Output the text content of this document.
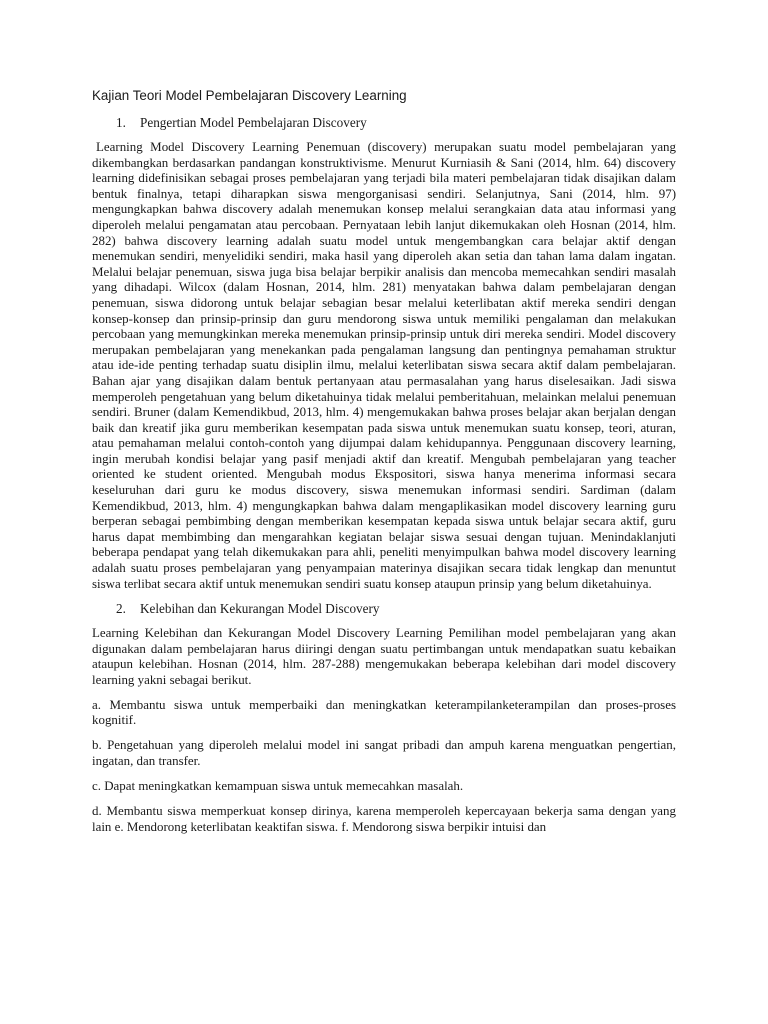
Kajian Teori Model Pembelajaran Discovery Learning
1.	Pengertian Model Pembelajaran Discovery

Learning Model Discovery Learning Penemuan (discovery) merupakan suatu model pembelajaran yang dikembangkan berdasarkan pandangan konstruktivisme. Menurut Kurniasih & Sani (2014, hlm. 64) discovery learning didefinisikan sebagai proses pembelajaran yang terjadi bila materi pembelajaran tidak disajikan dalam bentuk finalnya, tetapi diharapkan siswa mengorganisasi sendiri. Selanjutnya, Sani (2014, hlm. 97) mengungkapkan bahwa discovery adalah menemukan konsep melalui serangkaian data atau informasi yang diperoleh melalui pengamatan atau percobaan. Pernyataan lebih lanjut dikemukakan oleh Hosnan (2014, hlm. 282) bahwa discovery learning adalah suatu model untuk mengembangkan cara belajar aktif dengan menemukan sendiri, menyelidiki sendiri, maka hasil yang diperoleh akan setia dan tahan lama dalam ingatan. Melalui belajar penemuan, siswa juga bisa belajar berpikir analisis dan mencoba memecahkan sendiri masalah yang dihadapi. Wilcox (dalam Hosnan, 2014, hlm. 281) menyatakan bahwa dalam pembelajaran dengan penemuan, siswa didorong untuk belajar sebagian besar melalui keterlibatan aktif mereka sendiri dengan konsep-konsep dan prinsip-prinsip dan guru mendorong siswa untuk memiliki pengalaman dan melakukan percobaan yang memungkinkan mereka menemukan prinsip-prinsip untuk diri mereka sendiri. Model discovery merupakan pembelajaran yang menekankan pada pengalaman langsung dan pentingnya pemahaman struktur atau ide-ide penting terhadap suatu disiplin ilmu, melalui keterlibatan siswa secara aktif dalam pembelajaran. Bahan ajar yang disajikan dalam bentuk pertanyaan atau permasalahan yang harus diselesaikan. Jadi siswa memperoleh pengetahuan yang belum diketahuinya tidak melalui pemberitahuan, melainkan melalui penemuan sendiri. Bruner (dalam Kemendikbud, 2013, hlm. 4) mengemukakan bahwa proses belajar akan berjalan dengan baik dan kreatif jika guru memberikan kesempatan pada siswa untuk menemukan suatu konsep, teori, aturan, atau pemahaman melalui contoh-contoh yang dijumpai dalam kehidupannya. Penggunaan discovery learning, ingin merubah kondisi belajar yang pasif menjadi aktif dan kreatif. Mengubah pembelajaran yang teacher oriented ke student oriented. Mengubah modus Ekspositori, siswa hanya menerima informasi secara keseluruhan dari guru ke modus discovery, siswa menemukan informasi sendiri. Sardiman (dalam Kemendikbud, 2013, hlm. 4) mengungkapkan bahwa dalam mengaplikasikan model discovery learning guru berperan sebagai pembimbing dengan memberikan kesempatan kepada siswa untuk belajar secara aktif, guru harus dapat membimbing dan mengarahkan kegiatan belajar siswa sesuai dengan tujuan. Menindaklanjuti beberapa pendapat yang telah dikemukakan para ahli, peneliti menyimpulkan bahwa model discovery learning adalah suatu proses pembelajaran yang penyampaian materinya disajikan secara tidak lengkap dan menuntut siswa terlibat secara aktif untuk menemukan sendiri suatu konsep ataupun prinsip yang belum diketahuinya.

2.	Kelebihan dan Kekurangan Model Discovery

Learning Kelebihan dan Kekurangan Model Discovery Learning Pemilihan model pembelajaran yang akan digunakan dalam pembelajaran harus diiringi dengan suatu pertimbangan untuk mendapatkan suatu kebaikan ataupun kelebihan. Hosnan (2014, hlm. 287-288) mengemukakan beberapa kelebihan dari model discovery learning yakni sebagai berikut.

a. Membantu siswa untuk memperbaiki dan meningkatkan keterampilanketerampilan dan proses-proses kognitif.
b. Pengetahuan yang diperoleh melalui model ini sangat pribadi dan ampuh karena menguatkan pengertian, ingatan, dan transfer.
c. Dapat meningkatkan kemampuan siswa untuk memecahkan masalah.
d. Membantu siswa memperkuat konsep dirinya, karena memperoleh kepercayaan bekerja sama dengan yang lain e. Mendorong keterlibatan keaktifan siswa. f. Mendorong siswa berpikir intuisi dan
